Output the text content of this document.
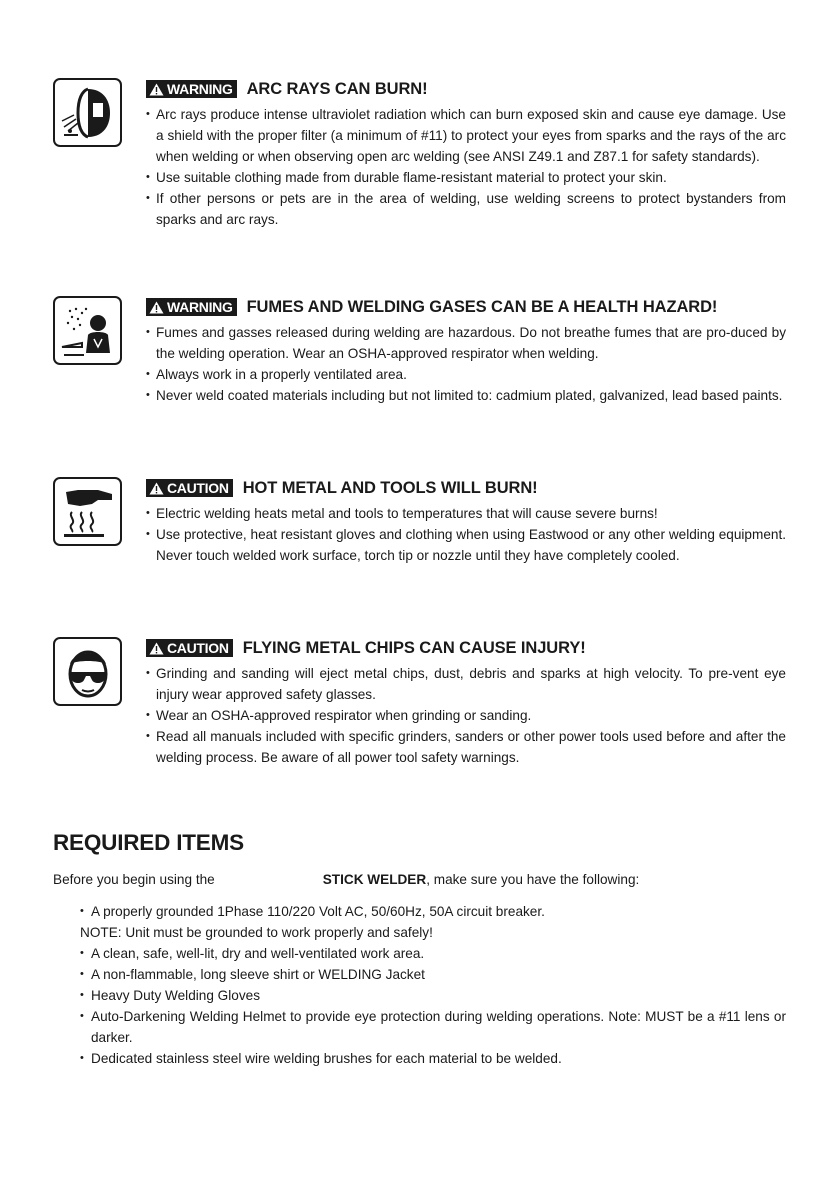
WARNING ARC RAYS CAN BURN!
• Arc rays produce intense ultraviolet radiation which can burn exposed skin and cause eye damage. Use a shield with the proper filter (a minimum of #11) to protect your eyes from sparks and the rays of the arc when welding or when observing open arc welding (see ANSI Z49.1 and Z87.1 for safety standards).
• Use suitable clothing made from durable flame-resistant material to protect your skin.
• If other persons or pets are in the area of welding, use welding screens to protect bystanders from sparks and arc rays.
WARNING FUMES AND WELDING GASES CAN BE A HEALTH HAZARD!
• Fumes and gasses released during welding are hazardous. Do not breathe fumes that are pro-duced by the welding operation. Wear an OSHA-approved respirator when welding.
• Always work in a properly ventilated area.
• Never weld coated materials including but not limited to: cadmium plated, galvanized, lead based paints.
CAUTION HOT METAL AND TOOLS WILL BURN!
• Electric welding heats metal and tools to temperatures that will cause severe burns!
• Use protective, heat resistant gloves and clothing when using Eastwood or any other welding equipment. Never touch welded work surface, torch tip or nozzle until they have completely cooled.
CAUTION FLYING METAL CHIPS CAN CAUSE INJURY!
• Grinding and sanding will eject metal chips, dust, debris and sparks at high velocity. To pre-vent eye injury wear approved safety glasses.
• Wear an OSHA-approved respirator when grinding or sanding.
• Read all manuals included with specific grinders, sanders or other power tools used before and after the welding process. Be aware of all power tool safety warnings.
REQUIRED ITEMS
Before you begin using the	STICK WELDER, make sure you have the following:
• A properly grounded 1Phase 110/220 Volt AC, 50/60Hz, 50A circuit breaker.
NOTE: Unit must be grounded to work properly and safely!
• A clean, safe, well-lit, dry and well-ventilated work area.
• A non-flammable, long sleeve shirt or WELDING Jacket
• Heavy Duty Welding Gloves
• Auto-Darkening Welding Helmet to provide eye protection during welding operations. Note: MUST be a #11 lens or darker.
• Dedicated stainless steel wire welding brushes for each material to be welded.
